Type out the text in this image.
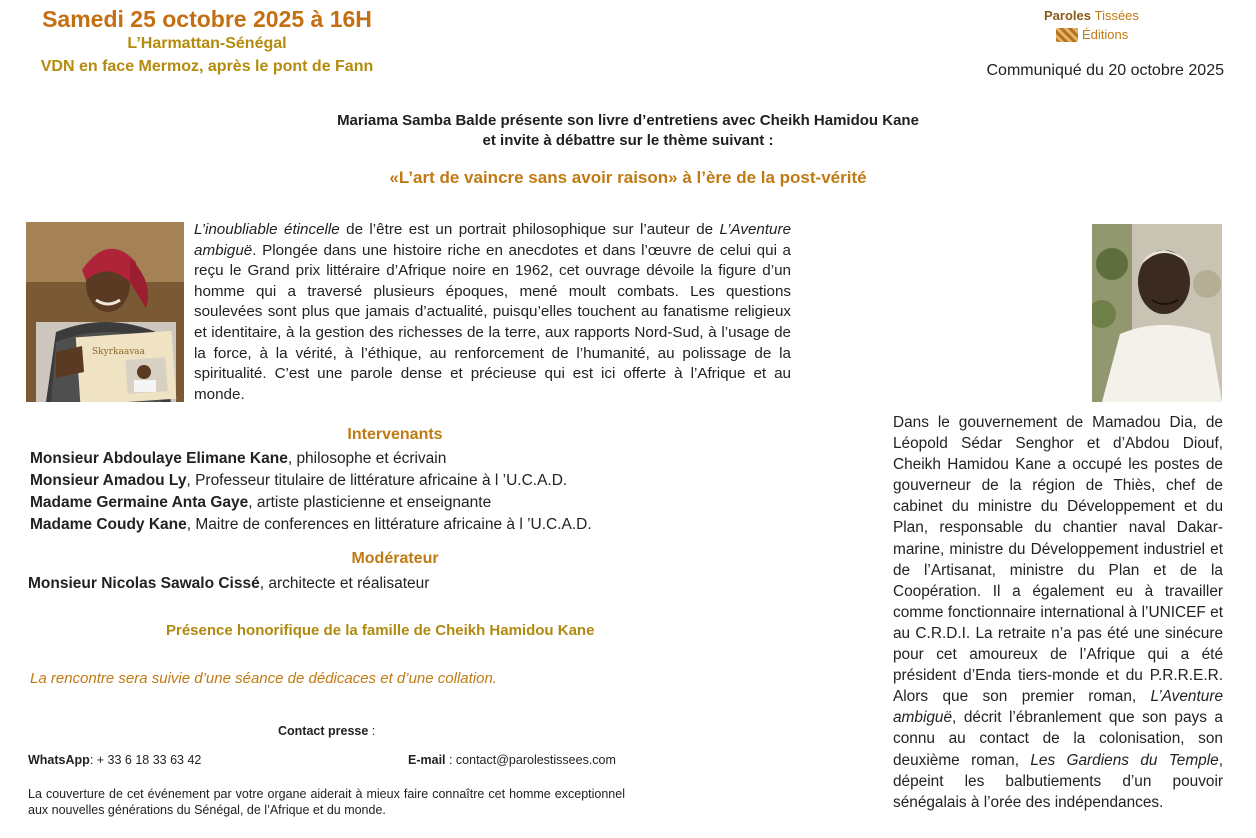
Samedi 25 octobre 2025 à 16H
L’Harmattan-Sénégal
VDN en face Mermoz, après le pont de Fann
Paroles Tissées
Éditions
Communiqué du 20 octobre 2025
Mariama Samba Balde présente son livre d’entretiens avec Cheikh Hamidou Kane
et invite à débattre sur le thème suivant :
«L’art de vaincre sans avoir raison» à l’ère de la post-vérité
Skyrkaavaa
L’inoubliable étincelle de l’être est un portrait philosophique sur l’auteur de L’Aventure ambiguë. Plongée dans une histoire riche en anecdotes et dans l’œuvre de celui qui a reçu le Grand prix littéraire d’Afrique noire en 1962, cet ouvrage dévoile la figure d’un homme qui a traversé plusieurs époques, mené moult combats. Les questions soulevées sont plus que jamais d’actualité, puisqu’elles touchent au fanatisme religieux et identitaire, à la gestion des richesses de la terre, aux rapports Nord-Sud, à l’usage de la force, à la vérité, à l’éthique, au renforcement de l’humanité, au polissage de la spiritualité. C’est une parole dense et précieuse qui est ici offerte à l’Afrique et au monde.
Intervenants
Monsieur Abdoulaye Elimane Kane, philosophe et écrivain
Monsieur Amadou Ly, Professeur titulaire de littérature africaine à l ’U.C.A.D.
Madame Germaine Anta Gaye, artiste plasticienne et enseignante
Madame Coudy Kane, Maitre de conferences en littérature africaine à l ’U.C.A.D.
Modérateur
Monsieur Nicolas Sawalo Cissé, architecte et réalisateur
Présence honorifique de la famille de Cheikh Hamidou Kane
La rencontre sera suivie d’une séance de dédicaces et d’une collation.
Contact presse :
WhatsApp: + 33 6 18 33 63 42	E-mail : contact@parolestissees.com
La couverture de cet événement par votre organe aiderait à mieux faire connaître cet homme exceptionnel aux nouvelles générations du Sénégal, de l’Afrique et du monde.
Dans le gouvernement de Mamadou Dia, de Léopold Sédar Senghor et d’Abdou Diouf, Cheikh Hamidou Kane a occupé les postes de gouverneur de la région de Thiès, chef de cabinet du ministre du Développement et du Plan, responsable du chantier naval Dakar-marine, ministre du Développement industriel et de l’Artisanat, ministre du Plan et de la Coopération. Il a également eu à travailler comme fonctionnaire international à l’UNICEF et au C.R.D.I. La retraite n’a pas été une sinécure pour cet amoureux de l’Afrique qui a été président d’Enda tiers-monde et du P.R.R.E.R. Alors que son premier roman, L’Aventure ambiguë, décrit l’ébranlement que son pays a connu au contact de la colonisation, son deuxième roman, Les Gardiens du Temple, dépeint les balbutiements d’un pouvoir sénégalais à l’orée des indépendances.
